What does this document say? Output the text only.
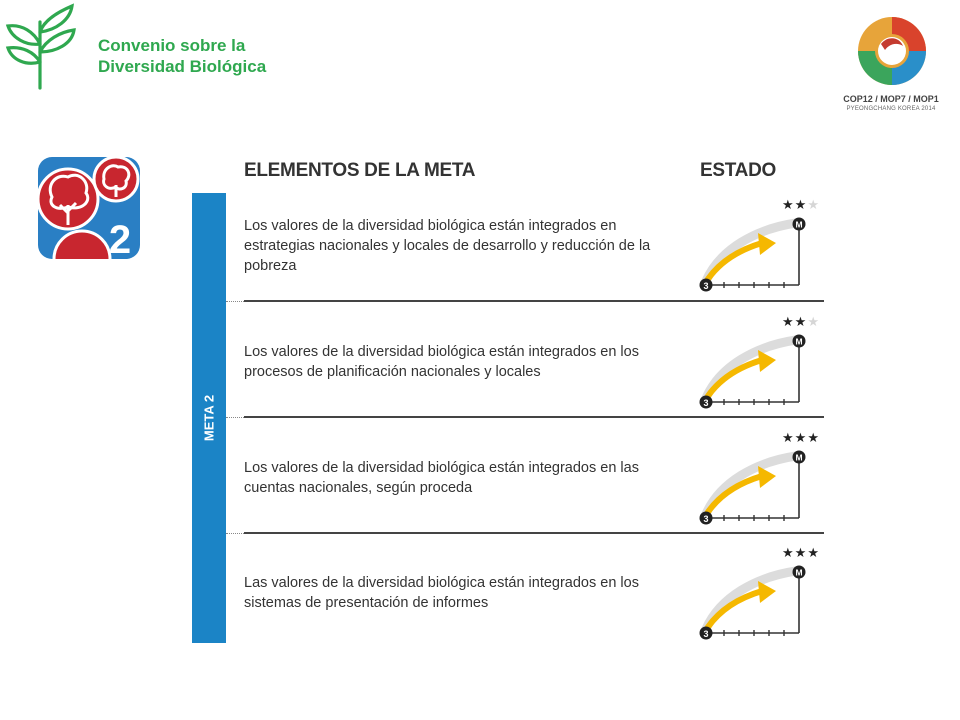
Convenio sobre la
Diversidad Biológica
COP12 / MOP7 / MOP1
PYEONGCHANG KOREA 2014
2
ELEMENTOS DE LA META	ESTADO
META 2
Los valores de la diversidad biológica están integrados en estrategias nacionales y locales de desarrollo y reducción de la pobreza
Los valores de la diversidad biológica están integrados en los procesos de planificación nacionales y locales
Los valores de la diversidad biológica están integrados en las cuentas nacionales, según proceda
Las valores de la diversidad biológica están integrados en los sistemas de presentación de informes
★★★
3
M
★★★
3
M
★★★
3
M
★★★
3
M
